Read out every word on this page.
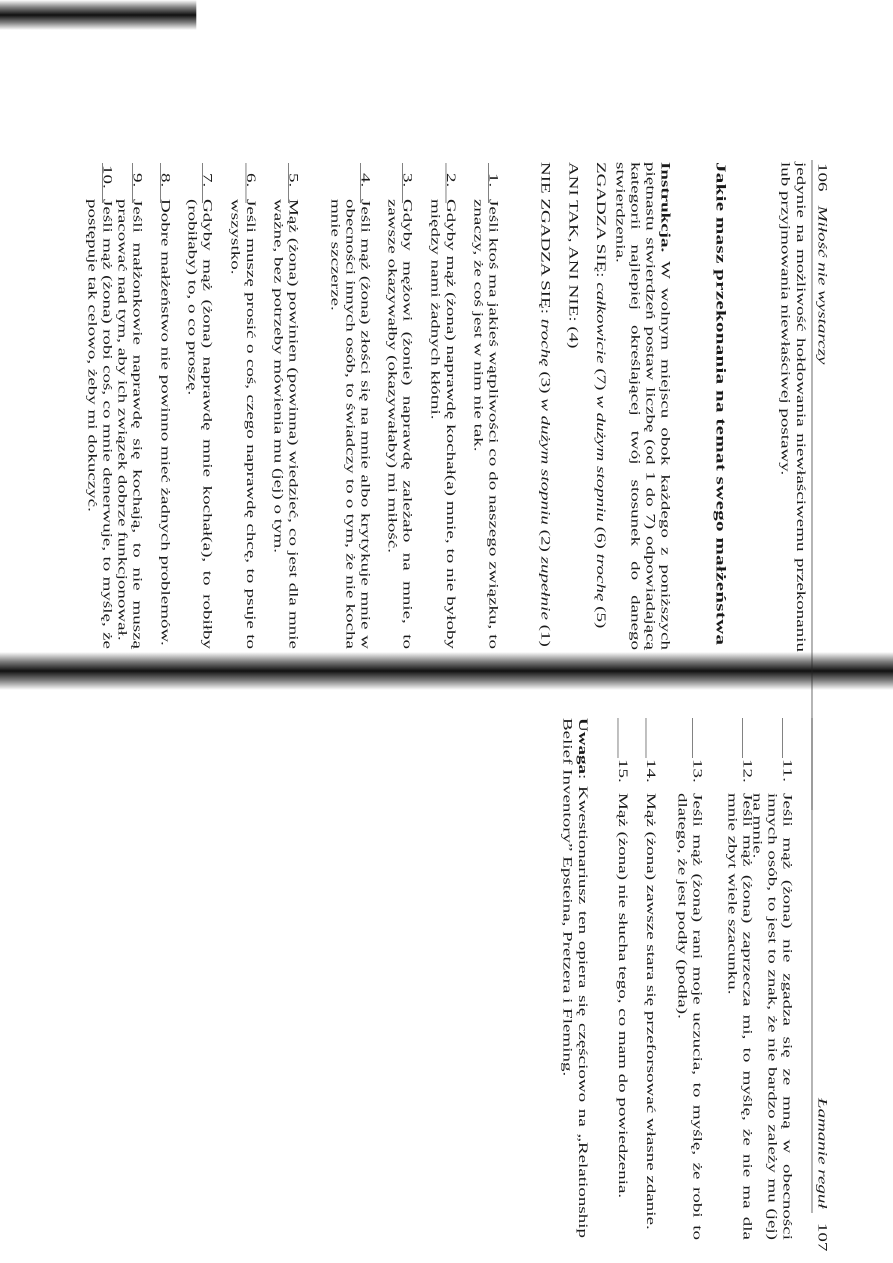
106   Miłość nie wystarczy
jedynie na możliwość hołdowania niewłaściwemu przekonaniu
lub przyjmowania niewłaściwej postawy.
Jakie masz przekonania na temat swego małżeństwa
Instrukcja. W wolnym miejscu obok każdego z poniższych piętnastu stwierdzeń postaw liczbę (od 1 do 7) odpowiadającą kategorii najlepiej określającej twój stosunek do danego stwierdzenia.
ZGADZA SIĘ: całkowicie (7) w dużym stopniu (6) trochę (5)
ANI TAK, ANI NIE: (4)
NIE ZGADZA SIĘ: trochę (3) w dużym stopniu (2) zupełnie (1)
1.
Jeśli ktoś ma jakieś wątpliwości co do naszego związku, to znaczy, że coś jest w nim nie tak.
2.
Gdyby mąż (żona) naprawdę kochał(a) mnie, to nie byłoby między nami żadnych kłótni.
3.
Gdyby mężowi (żonie) naprawdę zależało na mnie, to zawsze okazywałby (okazywałaby) mi miłość.
4.
Jeśli mąż (żona) złości się na mnie albo krytykuje mnie w obecności innych osób, to świadczy to o tym, że nie kocha mnie szczerze.
5.
Mąż (żona) powinien (powinna) wiedzieć, co jest dla mnie ważne, bez potrzeby mówienia mu (jej) o tym.
6.
Jeśli muszę prosić o coś, czego naprawdę chcę, to psuje to wszystko.
7.
Gdyby mąż (żona) naprawdę mnie kochał(a), to robiłby (robiłaby) to, o co proszę.
8.
Dobre małżeństwo nie powinno mieć żadnych problemów.
9.
Jeśli małżonkowie naprawdę się kochają, to nie muszą pracować nad tym, aby ich związek dobrze funkcjonował.
10.
Jeśli mąż (żona) robi coś, co mnie denerwuje, to myślę, że postępuje tak celowo, żeby mi dokuczyć.
Łamanie reguł   107
11.
Jeśli mąż (żona) nie zgadza się ze mną w obecności innych osób, to jest to znak, że nie bardzo zależy mu (jej) na mnie.
12.
Jeśli mąż (żona) zaprzecza mi, to myślę, że nie ma dla mnie zbyt wiele szacunku.
13.
Jeśli mąż (żona) rani moje uczucia, to myślę, że robi to dlatego, że jest podły (podła).
14.
Mąż (żona) zawsze stara się przeforsować własne zdanie.
15.
Mąż (żona) nie słucha tego, co mam do powiedzenia.
Uwaga: Kwestionariusz ten opiera się częściowo na „Relationship Belief Inventory” Epsteina, Pretzera i Fleming.
